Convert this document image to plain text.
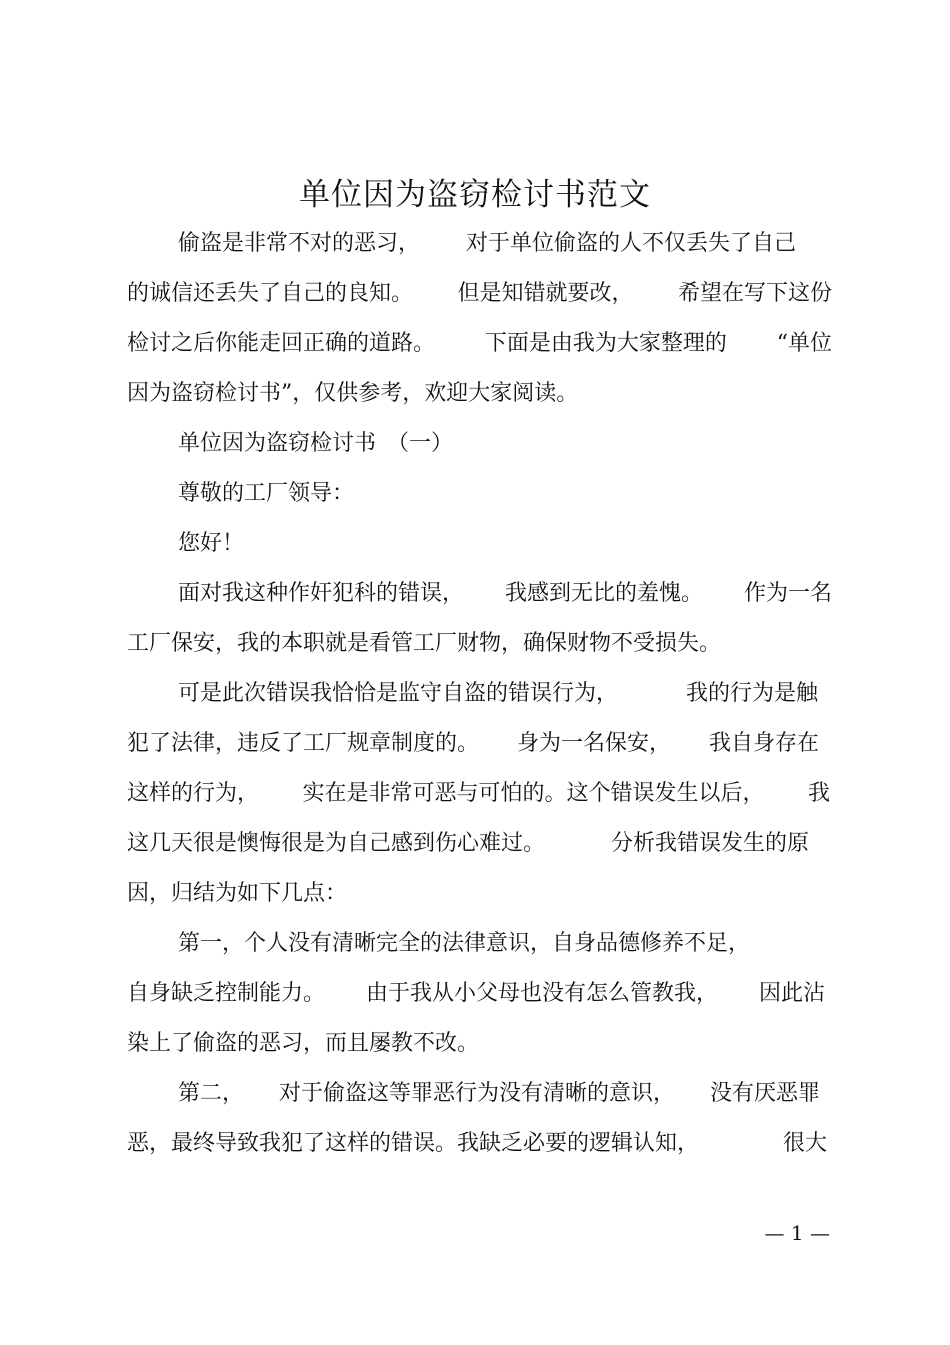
单位因为盗窃检讨书范文
偷盗是非常不对的恶习， 对于单位偷盗的人不仅丢失了自己
的诚信还丢失了自己的良知。 但是知错就要改， 希望在写下这份
检讨之后你能走回正确的道路。 下面是由我为大家整理的 “单位
因为盗窃检讨书”，仅供参考，欢迎大家阅读。
单位因为盗窃检讨书　（一）
尊敬的工厂领导：
您好！
面对我这种作奸犯科的错误， 我感到无比的羞愧。 作为一名
工厂保安，我的本职就是看管工厂财物，确保财物不受损失。
可是此次错误我恰恰是监守自盗的错误行为，	我的行为是触
犯了法律，违反了工厂规章制度的。 身为一名保安， 我自身存在
这样的行为， 实在是非常可恶与可怕的。这个错误发生以后， 我
这几天很是懊悔很是为自己感到伤心难过。	分析我错误发生的原
因，归结为如下几点：
第一，个人没有清晰完全的法律意识，自身品德修养不足，
自身缺乏控制能力。 由于我从小父母也没有怎么管教我， 因此沾
染上了偷盗的恶习，而且屡教不改。
第二， 对于偷盗这等罪恶行为没有清晰的意识， 没有厌恶罪
恶，最终导致我犯了这样的错误。我缺乏必要的逻辑认知，	很大
— 1 —
